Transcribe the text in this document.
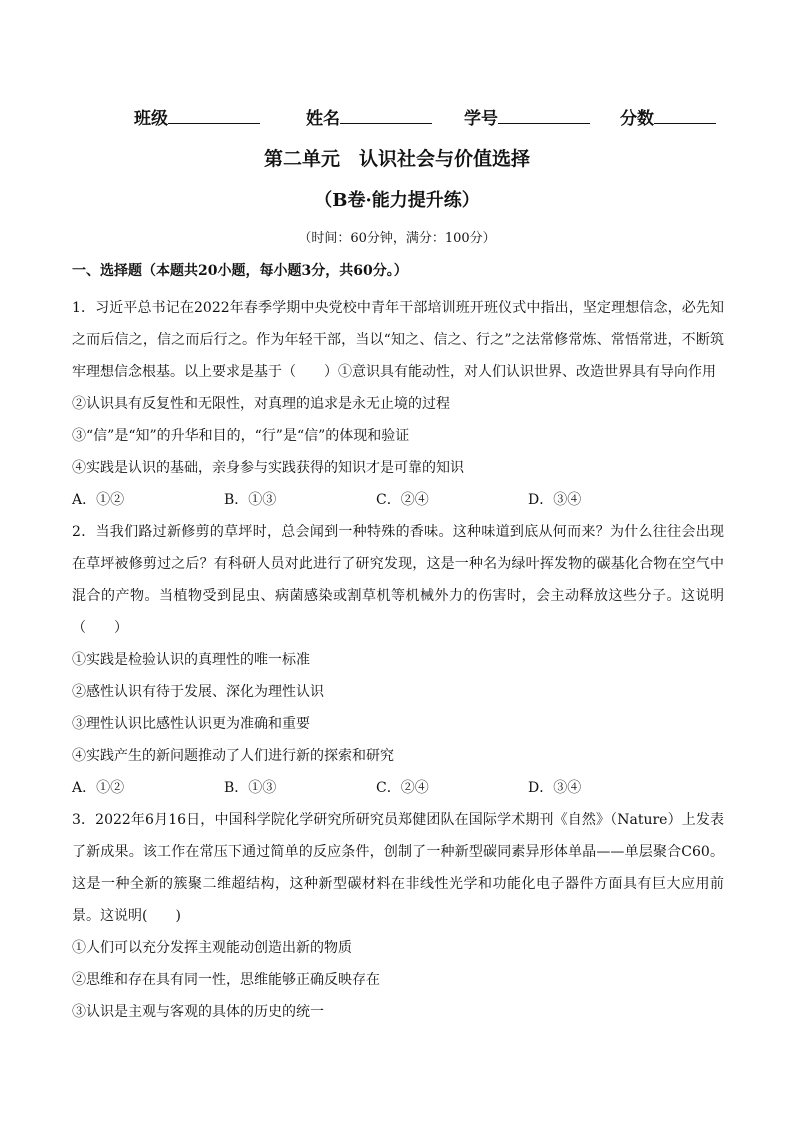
班级	姓名	学号	分数
第二单元　认识社会与价值选择
（B卷·能力提升练）
（时间：60分钟，满分：100分）
一、选择题（本题共20小题，每小题3分，共60分。）
1．习近平总书记在2022年春季学期中央党校中青年干部培训班开班仪式中指出，坚定理想信念，必先知之而后信之，信之而后行之。作为年轻干部，当以“知之、信之、行之”之法常修常炼、常悟常进，不断筑牢理想信念根基。以上要求是基于（　　）①意识具有能动性，对人们认识世界、改造世界具有导向作用
②认识具有反复性和无限性，对真理的追求是永无止境的过程
③“信”是“知”的升华和目的，“行”是“信”的体现和验证
④实践是认识的基础，亲身参与实践获得的知识才是可靠的知识
A．①②	B．①③	C．②④	D．③④
2．当我们路过新修剪的草坪时，总会闻到一种特殊的香味。这种味道到底从何而来？为什么往往会出现在草坪被修剪过之后？有科研人员对此进行了研究发现，这是一种名为绿叶挥发物的碳基化合物在空气中混合的产物。当植物受到昆虫、病菌感染或割草机等机械外力的伤害时，会主动释放这些分子。这说明（　　）
①实践是检验认识的真理性的唯一标准
②感性认识有待于发展、深化为理性认识
③理性认识比感性认识更为准确和重要
④实践产生的新问题推动了人们进行新的探索和研究
A．①②	B．①③	C．②④	D．③④
3．2022年6月16日，中国科学院化学研究所研究员郑健团队在国际学术期刊《自然》（Nature）上发表了新成果。该工作在常压下通过简单的反应条件，创制了一种新型碳同素异形体单晶——单层聚合C60。这是一种全新的簇聚二维超结构，这种新型碳材料在非线性光学和功能化电子器件方面具有巨大应用前景。这说明(　　)
①人们可以充分发挥主观能动创造出新的物质
②思维和存在具有同一性，思维能够正确反映存在
③认识是主观与客观的具体的历史的统一
